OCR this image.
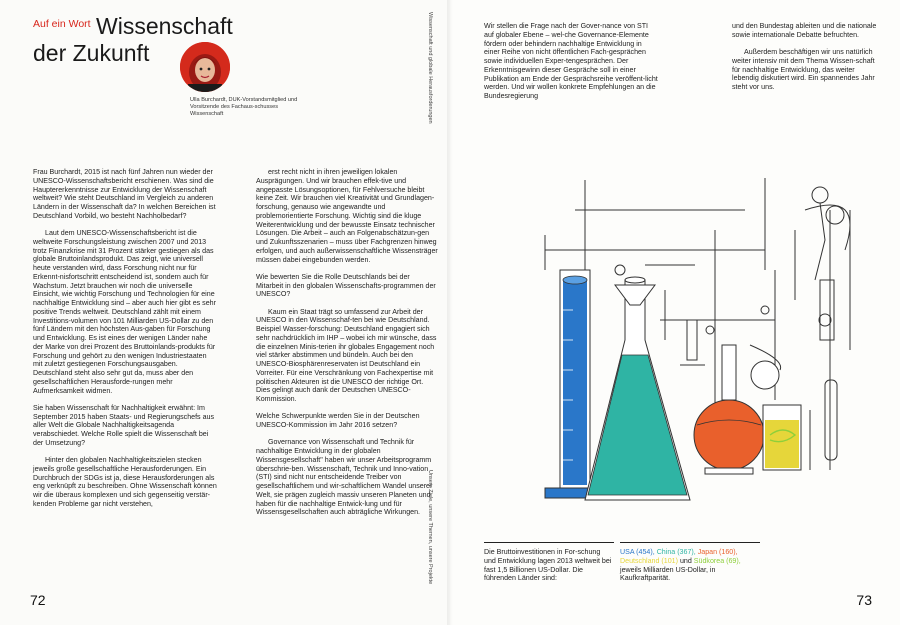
Auf ein Wort Wissenschaft
der Zukunft
Ulla Burchardt, DUK-Vorstandsmitglied und Vorsitzende des Fachaus-schusses Wissenschaft

Frau Burchardt, 2015 ist nach fünf Jahren nun wieder der UNESCO-Wissenschaftsbericht erschienen. Was sind die Hauptererkenntnisse zur Entwicklung der Wissenschaft weltweit? Wie steht Deutschland im Vergleich zu anderen Ländern in der Wissenschaft da? In welchen Bereichen ist Deutschland Vorbild, wo besteht Nachholbedarf?

Laut dem UNESCO-Wissenschaftsbericht ist die weltweite Forschungsleistung zwischen 2007 und 2013 trotz Finanzkrise mit 31 Prozent stärker gestiegen als das globale Bruttoinlandsprodukt. Das zeigt, wie universell heute verstanden wird, dass Forschung nicht nur für Erkennt-nisfortschritt entscheidend ist, sondern auch für Wachstum. Jetzt brauchen wir noch die universelle Einsicht, wie wichtig Forschung und Technologien für eine nachhaltige Entwicklung sind – aber auch hier gibt es sehr positive Trends weltweit. Deutschland zählt mit einem Investitions-volumen von 101 Milliarden US-Dollar zu den fünf Ländern mit den höchsten Aus-gaben für Forschung und Entwicklung. Es ist eines der wenigen Länder nahe der Marke von drei Prozent des Bruttoinlands-produkts für Forschung und gehört zu den wenigen Industriestaaten mit zuletzt gestiegenen Forschungsausgaben. Deutschland steht also sehr gut da, muss aber den gesellschaftlichen Herausforde-rungen mehr Aufmerksamkeit widmen.

Sie haben Wissenschaft für Nachhaltigkeit erwähnt: Im September 2015 haben Staats- und Regierungschefs aus aller Welt die Globale Nachhaltigkeitsagenda verabschiedet. Welche Rolle spielt die Wissenschaft bei der Umsetzung?

Hinter den globalen Nachhaltigkeitszielen stecken jeweils große gesellschaftliche Herausforderungen. Ein Durchbruch der SDGs ist ja, diese Herausforderungen als eng verknüpft zu beschreiben. Ohne Wissenschaft können wir die überaus komplexen und sich gegenseitig verstär-kenden Probleme gar nicht verstehen,

erst recht nicht in ihren jeweiligen lokalen Ausprägungen. Und wir brauchen effek-tive und angepasste Lösungsoptionen, für Fehlversuche bleibt keine Zeit. Wir brauchen viel Kreativität und Grundlagen-forschung, genauso wie angewandte und problemorientierte Forschung. Wichtig sind die kluge Weiterentwicklung und der bewusste Einsatz technischer Lösungen. Die Arbeit – auch an Folgenabschätzun-gen und Zukunftsszenarien – muss über Fachgrenzen hinweg erfolgen, und auch außerwissenschaftliche Wissensträger müssen dabei eingebunden werden.

Wie bewerten Sie die Rolle Deutschlands bei der Mitarbeit in den globalen Wissenschafts-programmen der UNESCO?

Kaum ein Staat trägt so umfassend zur Arbeit der UNESCO in den Wissenschaf-ten bei wie Deutschland. Beispiel Wasser-forschung: Deutschland engagiert sich sehr nachdrücklich im IHP – wobei ich mir wünsche, dass die einzelnen Minis-terien ihr globales Engagement noch viel stärker abstimmen und bündeln. Auch bei den UNESCO-Biosphärenreservaten ist Deutschland ein Vorreiter. Für eine Verschränkung von Fachexpertise mit politischen Akteuren ist die UNESCO der richtige Ort. Dies gelingt auch dank der Deutschen UNESCO-Kommission.

Welche Schwerpunkte werden Sie in der Deutschen UNESCO-Kommission im Jahr 2016 setzen?

Governance von Wissenschaft und Technik für nachhaltige Entwicklung in der globalen Wissensgesellschaft" haben wir unser Arbeitsprogramm überschrie-ben. Wissenschaft, Technik und Inno-vation (STI) sind nicht nur entscheidende Treiber von gesellschaftlichem und wir-schaftlichem Wandel unserer Welt, sie prägen zugleich massiv unseren Planeten und haben für die nachhaltige Entwick-lung und für Wissensgesellschaften auch abträgliche Wirkungen.

Wissenschaft und globale Herausforderungen
Unsere Ziele, unsere Themen, unsere Projekte
72

Wir stellen die Frage nach der Gover-nance von STI auf globaler Ebene – wel-che Governance-Elemente fördern oder behindern nachhaltige Entwicklung in einer Reihe von nicht öffentlichen Fach-gesprächen sowie individuellen Exper-tengesprächen. Der Erkenntnisgewinn dieser Gespräche soll in einer Publikation am Ende der Gesprächsreihe veröffent-licht werden. Und wir wollen konkrete Empfehlungen an die Bundesregierung

und den Bundestag ableiten und die nationale sowie internationale Debatte befruchten.

Außerdem beschäftigen wir uns natürlich weiter intensiv mit dem Thema Wissen-schaft für nachhaltige Entwicklung, das weiter lebendig diskutiert wird. Ein spannendes Jahr steht vor uns.

Die Bruttoinvestitionen in For-schung und Entwicklung lagen 2013 weltweit bei fast 1,5 Billionen US-Dollar. Die führenden Länder sind:
USA (454), China (367), Japan (160), Deutschland (101) und Südkorea (69), jeweils Milliarden US-Dollar, in Kaufkraftparität.
73
